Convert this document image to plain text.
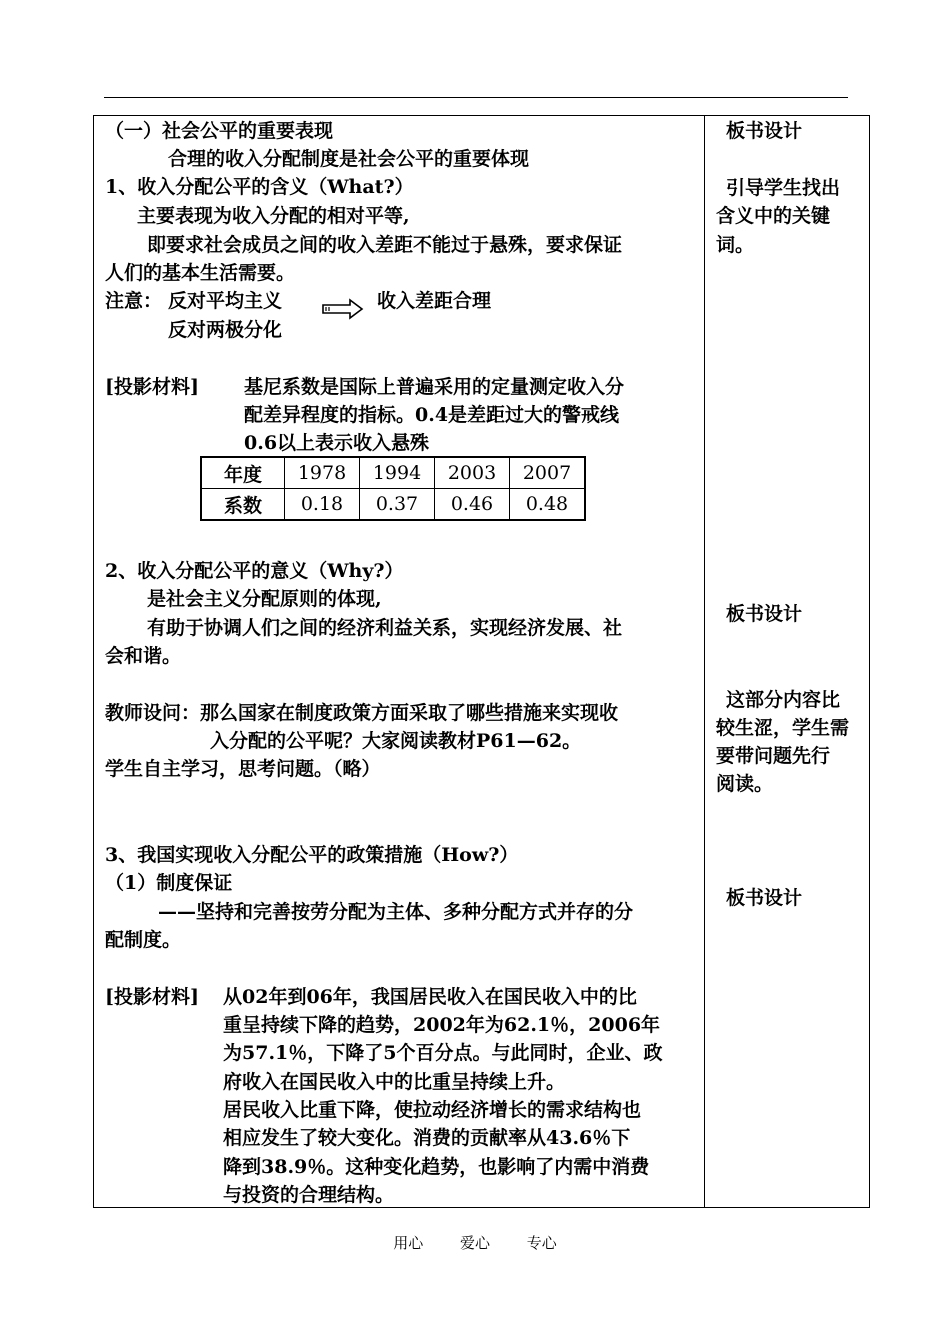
（一）社会公平的重要表现
合理的收入分配制度是社会公平的重要体现
1、收入分配公平的含义（What?）
主要表现为收入分配的相对平等,
即要求社会成员之间的收入差距不能过于悬殊，要求保证
人们的基本生活需要。
注意： 反对平均主义	收入差距合理
反对两极分化
[投影材料] 基尼系数是国际上普遍采用的定量测定收入分
配差异程度的指标。0.4是差距过大的警戒线
0.6以上表示收入悬殊
年度	1978	1994	2003	2007
系数	0.18	0.37	0.46	0.48
2、收入分配公平的意义（Why?）
是社会主义分配原则的体现,
有助于协调人们之间的经济利益关系，实现经济发展、社
会和谐。
教师设问：那么国家在制度政策方面采取了哪些措施来实现收
入分配的公平呢？大家阅读教材P61—62。
学生自主学习，思考问题。（略）
3、我国实现收入分配公平的政策措施（How?）
（1）制度保证
——坚持和完善按劳分配为主体、多种分配方式并存的分
配制度。
[投影材料] 从02年到06年，我国居民收入在国民收入中的比
重呈持续下降的趋势，2002年为62.1％，2006年
为57.1％，下降了5个百分点。与此同时，企业、政
府收入在国民收入中的比重呈持续上升。
居民收入比重下降，使拉动经济增长的需求结构也
相应发生了较大变化。消费的贡献率从43.6％下
降到38.9％。这种变化趋势，也影响了内需中消费
与投资的合理结构。
板书设计
引导学生找出
含义中的关键
词。
板书设计
这部分内容比
较生涩，学生需
要带问题先行
阅读。
板书设计
用心 爱心 专心
